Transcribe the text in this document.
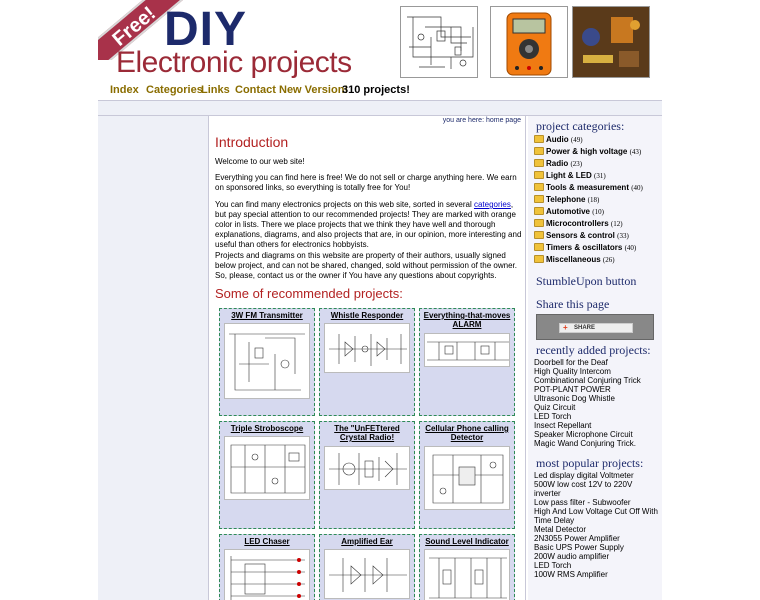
Free! DIY
Electronic projects
Index Categories
Links Contact New Version!
310 projects!
you are here: home page
Introduction
Welcome to our web site!
Everything you can find here is free! We do not sell or charge anything here. We earn on sponsored links, so everything is totally free for You!
You can find many electronics projects on this web site, sorted in several categories, but pay special attention to our recommended projects! They are marked with orange color in lists. There we place projects that we think they have well and thorough explanations, diagrams, and also projects that are, in our opinion, more interesting and useful than others for electronics hobbyists.
Projects and diagrams on this website are property of their authors, usually signed below project, and can not be shared, changed, sold without permission of the owner. So, please, contact us or the owner if You have any questions about copyrights.
Some of recommended projects:
3W FM Transmitter	Whistle Responder	Everything-that-moves ALARM
Triple Stroboscope	The "UnFETtered Crystal Radio!
Cellular Phone calling Detector
LED Chaser	Amplified Ear	Sound Level Indicator
project categories:
Audio (49)
Power & high voltage (43)
Radio (23)
Light & LED (31)
Tools & measurement (40)
Telephone (18)
Automotive (10)
Microcontrollers (12)
Sensors & control (33)
Timers & oscillators (40)
Miscellaneous (26)
StumbleUpon button
Share this page
+ SHARE
recently added projects:
Doorbell for the Deaf
High Quality Intercom
Combinational Conjuring Trick
POT-PLANT POWER
Ultrasonic Dog Whistle
Quiz Circuit
LED Torch
Insect Repellant
Speaker Microphone Circuit
Magic Wand Conjuring Trick.
most popular projects:
Led display digital Voltmeter
500W low cost 12V to 220V inverter
Low pass filter - Subwoofer
High And Low Voltage Cut Off With Time Delay
Metal Detector
2N3055 Power Amplifier
Basic UPS Power Supply
200W audio amplifier
LED Torch
100W RMS Amplifier
